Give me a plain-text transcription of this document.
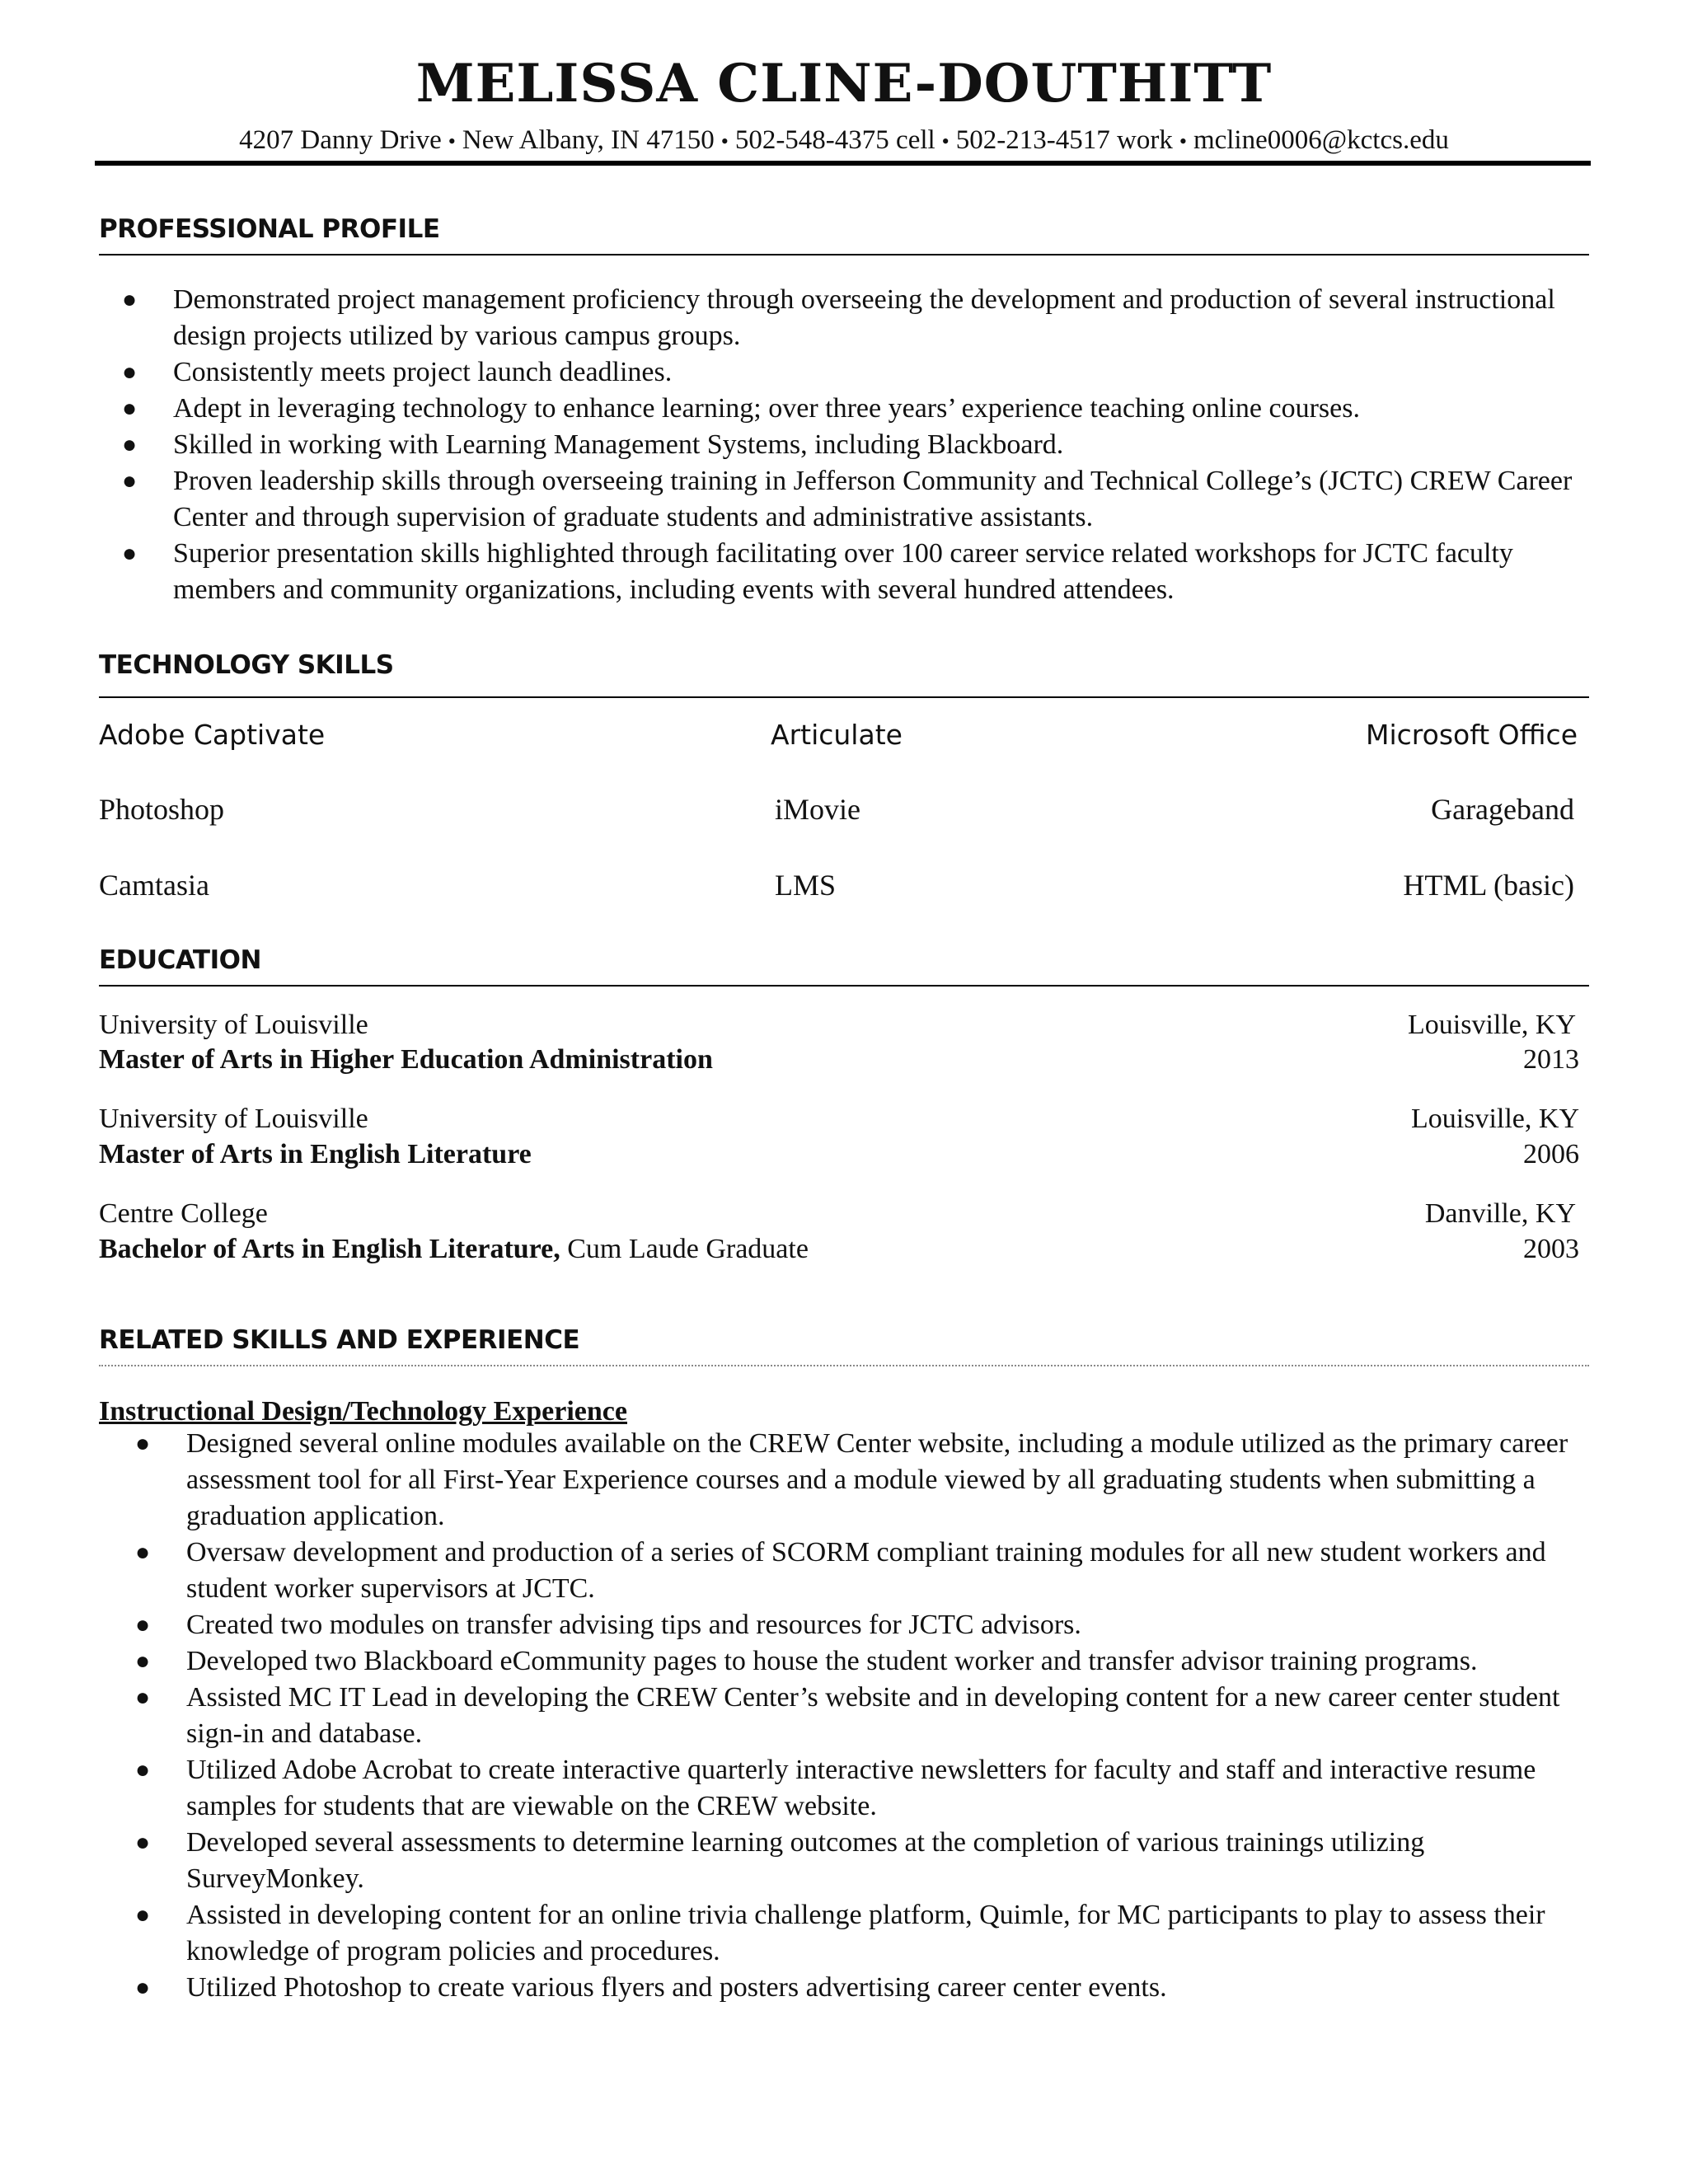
MELISSA CLINE-DOUTHITT
4207 Danny Drive • New Albany, IN 47150 • 502-548-4375 cell • 502-213-4517 work • mcline0006@kctcs.edu
PROFESSIONAL PROFILE
● Demonstrated project management proficiency through overseeing the development and production of several instructional design projects utilized by various campus groups.
● Consistently meets project launch deadlines.
● Adept in leveraging technology to enhance learning; over three years’ experience teaching online courses.
● Skilled in working with Learning Management Systems, including Blackboard.
● Proven leadership skills through overseeing training in Jefferson Community and Technical College’s (JCTC) CREW Career Center and through supervision of graduate students and administrative assistants.
● Superior presentation skills highlighted through facilitating over 100 career service related workshops for JCTC faculty members and community organizations, including events with several hundred attendees.
TECHNOLOGY SKILLS
Adobe Captivate	Articulate	Microsoft Office
Photoshop	iMovie	Garageband
Camtasia	LMS	HTML (basic)
EDUCATION
University of Louisville	Louisville, KY
Master of Arts in Higher Education Administration	2013
University of Louisville	Louisville, KY
Master of Arts in English Literature	2006
Centre College	Danville, KY
Bachelor of Arts in English Literature, Cum Laude Graduate	2003
RELATED SKILLS AND EXPERIENCE
Instructional Design/Technology Experience
● Designed several online modules available on the CREW Center website, including a module utilized as the primary career assessment tool for all First-Year Experience courses and a module viewed by all graduating students when submitting a graduation application.
● Oversaw development and production of a series of SCORM compliant training modules for all new student workers and student worker supervisors at JCTC.
● Created two modules on transfer advising tips and resources for JCTC advisors.
● Developed two Blackboard eCommunity pages to house the student worker and transfer advisor training programs.
● Assisted MC IT Lead in developing the CREW Center’s website and in developing content for a new career center student sign-in and database.
● Utilized Adobe Acrobat to create interactive quarterly interactive newsletters for faculty and staff and interactive resume samples for students that are viewable on the CREW website.
● Developed several assessments to determine learning outcomes at the completion of various trainings utilizing SurveyMonkey.
● Assisted in developing content for an online trivia challenge platform, Quimle, for MC participants to play to assess their knowledge of program policies and procedures.
● Utilized Photoshop to create various flyers and posters advertising career center events.
